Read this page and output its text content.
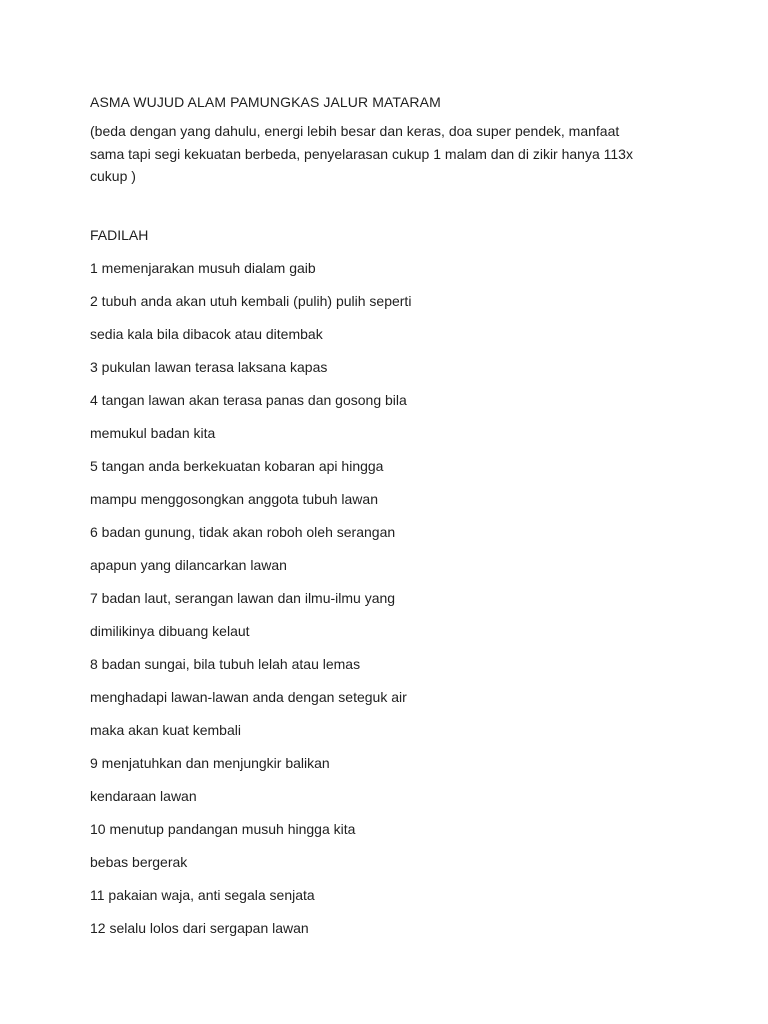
ASMA WUJUD ALAM PAMUNGKAS JALUR MATARAM

(beda dengan yang dahulu, energi lebih besar dan keras, doa super pendek, manfaat sama tapi segi kekuatan berbeda, penyelarasan cukup 1 malam dan di zikir hanya 113x cukup )

FADILAH

1 memenjarakan musuh dialam gaib
2 tubuh anda akan utuh kembali (pulih) pulih seperti
sedia kala bila dibacok atau ditembak
3 pukulan lawan terasa laksana kapas
4 tangan lawan akan terasa panas dan gosong bila
memukul badan kita
5 tangan anda berkekuatan kobaran api hingga
mampu menggosongkan anggota tubuh lawan
6 badan gunung, tidak akan roboh oleh serangan
apapun yang dilancarkan lawan
7 badan laut, serangan lawan dan ilmu-ilmu yang
dimilikinya dibuang kelaut
8 badan sungai, bila tubuh lelah atau lemas
menghadapi lawan-lawan anda dengan seteguk air
maka akan kuat kembali
9 menjatuhkan dan menjungkir balikan
kendaraan lawan
10 menutup pandangan musuh hingga kita
bebas bergerak
11 pakaian waja, anti segala senjata
12 selalu lolos dari sergapan lawan
